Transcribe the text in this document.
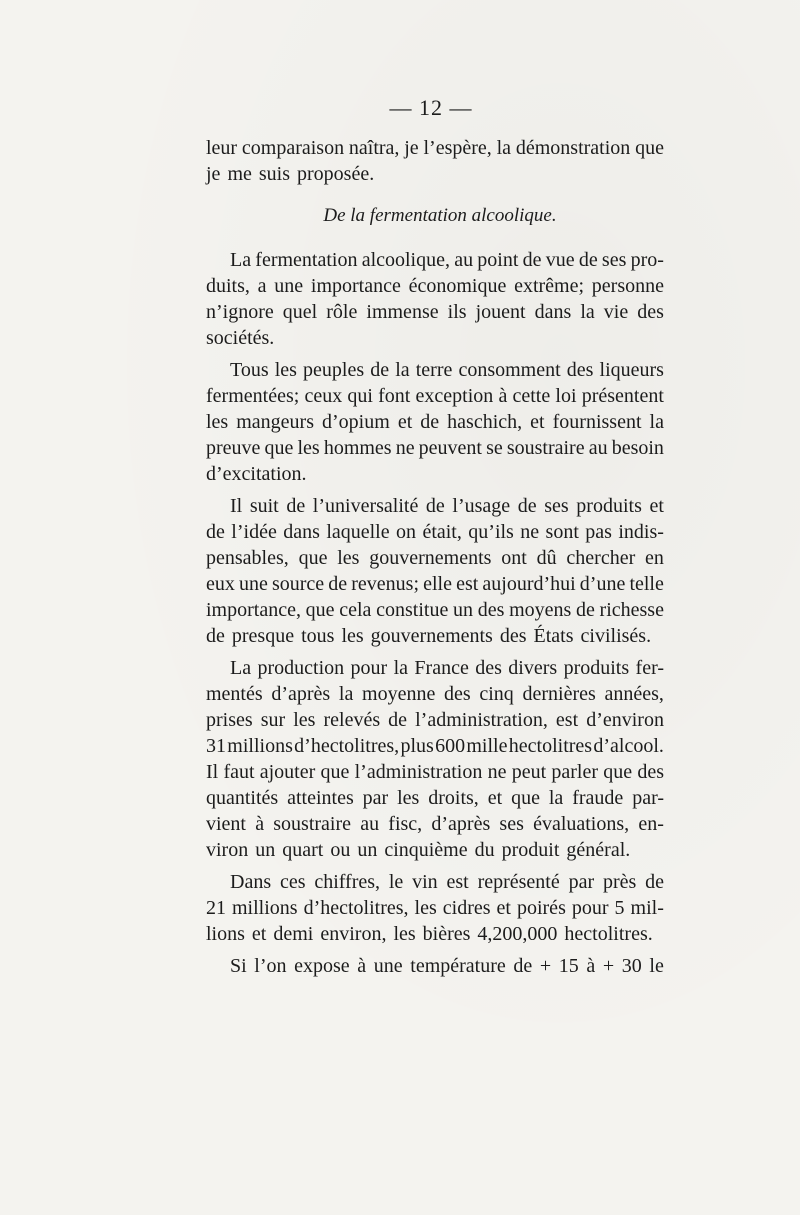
— 12 —
leur comparaison naîtra, je l’espère, la démonstration que
je me suis proposée.
De la fermentation alcoolique.
La fermentation alcoolique, au point de vue de ses pro-
duits, a une importance économique extrême; personne
n’ignore quel rôle immense ils jouent dans la vie des
sociétés.
Tous les peuples de la terre consomment des liqueurs
fermentées; ceux qui font exception à cette loi présentent
les mangeurs d’opium et de haschich, et fournissent la
preuve que les hommes ne peuvent se soustraire au besoin
d’excitation.
Il suit de l’universalité de l’usage de ses produits et
de l’idée dans laquelle on était, qu’ils ne sont pas indis-
pensables, que les gouvernements ont dû chercher en
eux une source de revenus; elle est aujourd’hui d’une telle
importance, que cela constitue un des moyens de richesse
de presque tous les gouvernements des États civilisés.
La production pour la France des divers produits fer-
mentés d’après la moyenne des cinq dernières années,
prises sur les relevés de l’administration, est d’environ
31 millions d’hectolitres, plus 600 mille hectolitres d’alcool.
Il faut ajouter que l’administration ne peut parler que des
quantités atteintes par les droits, et que la fraude par-
vient à soustraire au fisc, d’après ses évaluations, en-
viron un quart ou un cinquième du produit général.
Dans ces chiffres, le vin est représenté par près de
21 millions d’hectolitres, les cidres et poirés pour 5 mil-
lions et demi environ, les bières 4,200,000 hectolitres.
Si l’on expose à une température de + 15 à + 30 le
